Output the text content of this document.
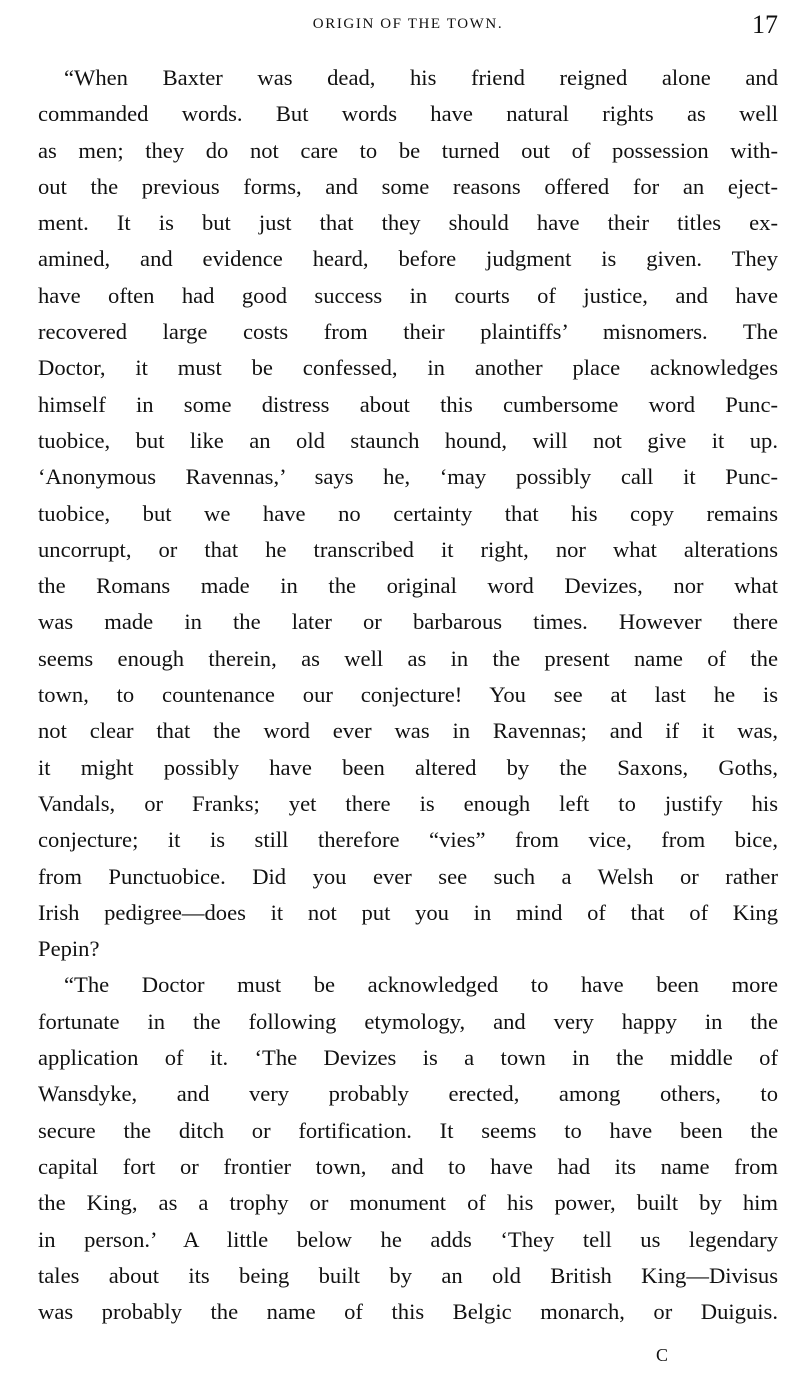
ORIGIN OF THE TOWN.	17
“When Baxter was dead, his friend reigned alone and
commanded words. But words have natural rights as well
as men; they do not care to be turned out of possession with-
out the previous forms, and some reasons offered for an eject-
ment. It is but just that they should have their titles ex-
amined, and evidence heard, before judgment is given. They
have often had good success in courts of justice, and have
recovered large costs from their plaintiffs’ misnomers. The
Doctor, it must be confessed, in another place acknowledges
himself in some distress about this cumbersome word Punc-
tuobice, but like an old staunch hound, will not give it up.
‘Anonymous Ravennas,’ says he, ‘may possibly call it Punc-
tuobice, but we have no certainty that his copy remains
uncorrupt, or that he transcribed it right, nor what alterations
the Romans made in the original word Devizes, nor what
was made in the later or barbarous times. However there
seems enough therein, as well as in the present name of the
town, to countenance our conjecture! You see at last he is
not clear that the word ever was in Ravennas; and if it was,
it might possibly have been altered by the Saxons, Goths,
Vandals, or Franks; yet there is enough left to justify his
conjecture; it is still therefore “vies” from vice, from bice,
from Punctuobice. Did you ever see such a Welsh or rather
Irish pedigree—does it not put you in mind of that of King
Pepin?
“The Doctor must be acknowledged to have been more
fortunate in the following etymology, and very happy in the
application of it. ‘The Devizes is a town in the middle of
Wansdyke, and very probably erected, among others, to
secure the ditch or fortification. It seems to have been the
capital fort or frontier town, and to have had its name from
the King, as a trophy or monument of his power, built by him
in person.’ A little below he adds ‘They tell us legendary
tales about its being built by an old British King—Divisus
was probably the name of this Belgic monarch, or Duiguis.
C
